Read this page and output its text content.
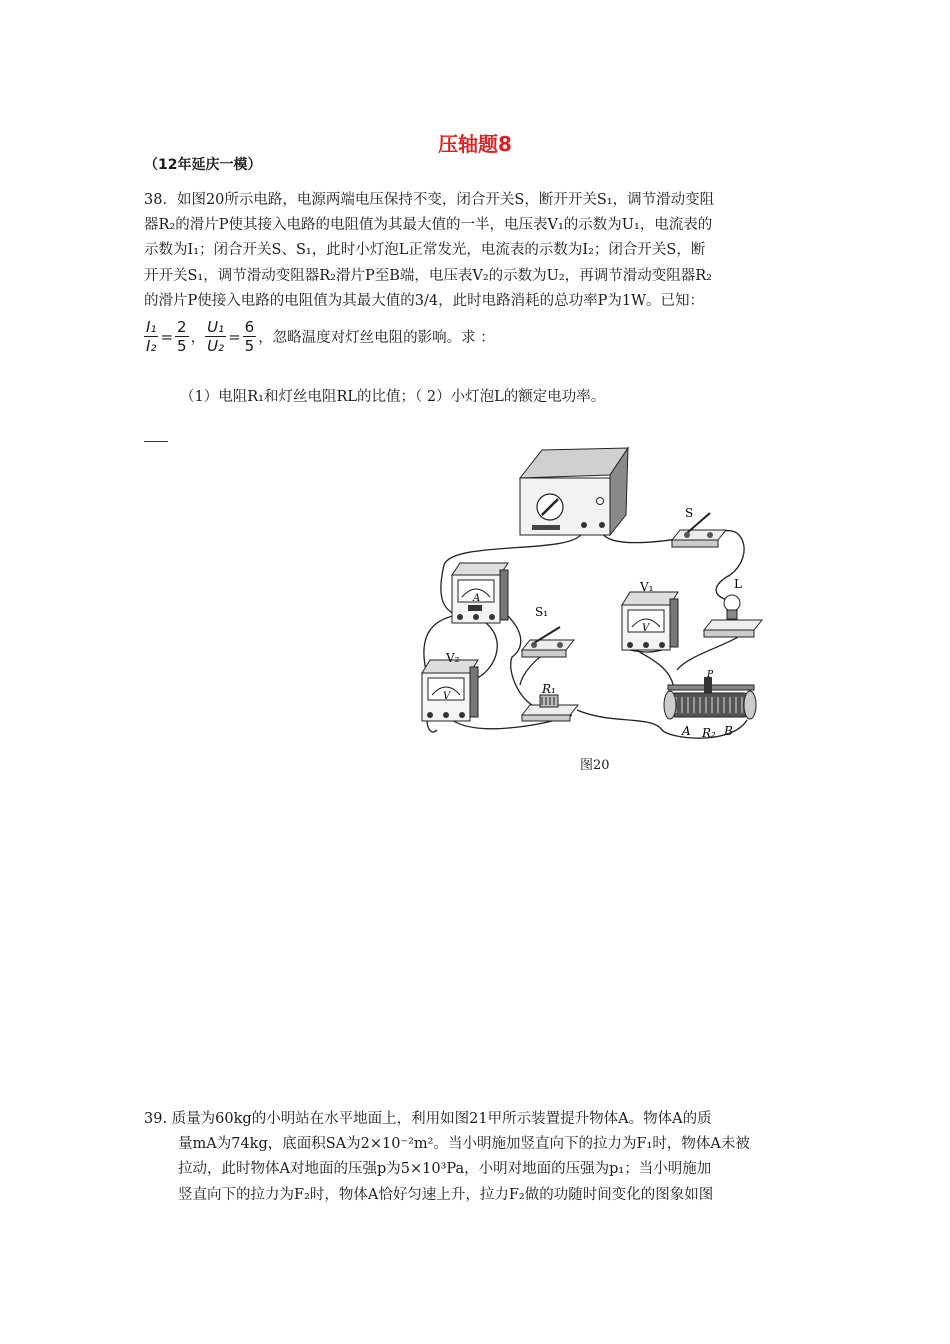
压轴题8
（12年延庆一模）
38．如图20所示电路，电源两端电压保持不变，闭合开关S，断开开关S₁，调节滑动变阻
器R₂的滑片P使其接入电路的电阻值为其最大值的一半，电压表V₁的示数为U₁，电流表的
示数为I₁；闭合开关S、S₁，此时小灯泡L正常发光，电流表的示数为I₂；闭合开关S，断
开开关S₁，调节滑动变阻器R₂滑片P至B端，电压表V₂的示数为U₂，再调节滑动变阻器R₂
的滑片P使接入电路的电阻值为其最大值的3/4，此时电路消耗的总功率P为1W。已知：
$\frac{\text{I₁}}{\text{I₂}} = \frac{2}{5}$ ， $\frac{\text{U₁}}{\text{U₂}} = \frac{6}{5}$ ，忽略温度对灯丝电阻的影响。求 ：
（1）电阻R₁和灯丝电阻RL的比值；（ 2）小灯泡L的额定电功率。
S
L
A
S₁
V
V₁
V
V₂
R₁
P
A R₂ B
图20
39. 质量为60kg的小明站在水平地面上，利用如图21甲所示装置提升物体A。物体A的质
量mA为74kg，底面积SA为2×10⁻²m²。当小明施加竖直向下的拉力为F₁时，物体A未被
拉动，此时物体A对地面的压强p为5×10³Pa，小明对地面的压强为p₁；当小明施加
竖直向下的拉力为F₂时，物体A恰好匀速上升，拉力F₂做的功随时间变化的图象如图
